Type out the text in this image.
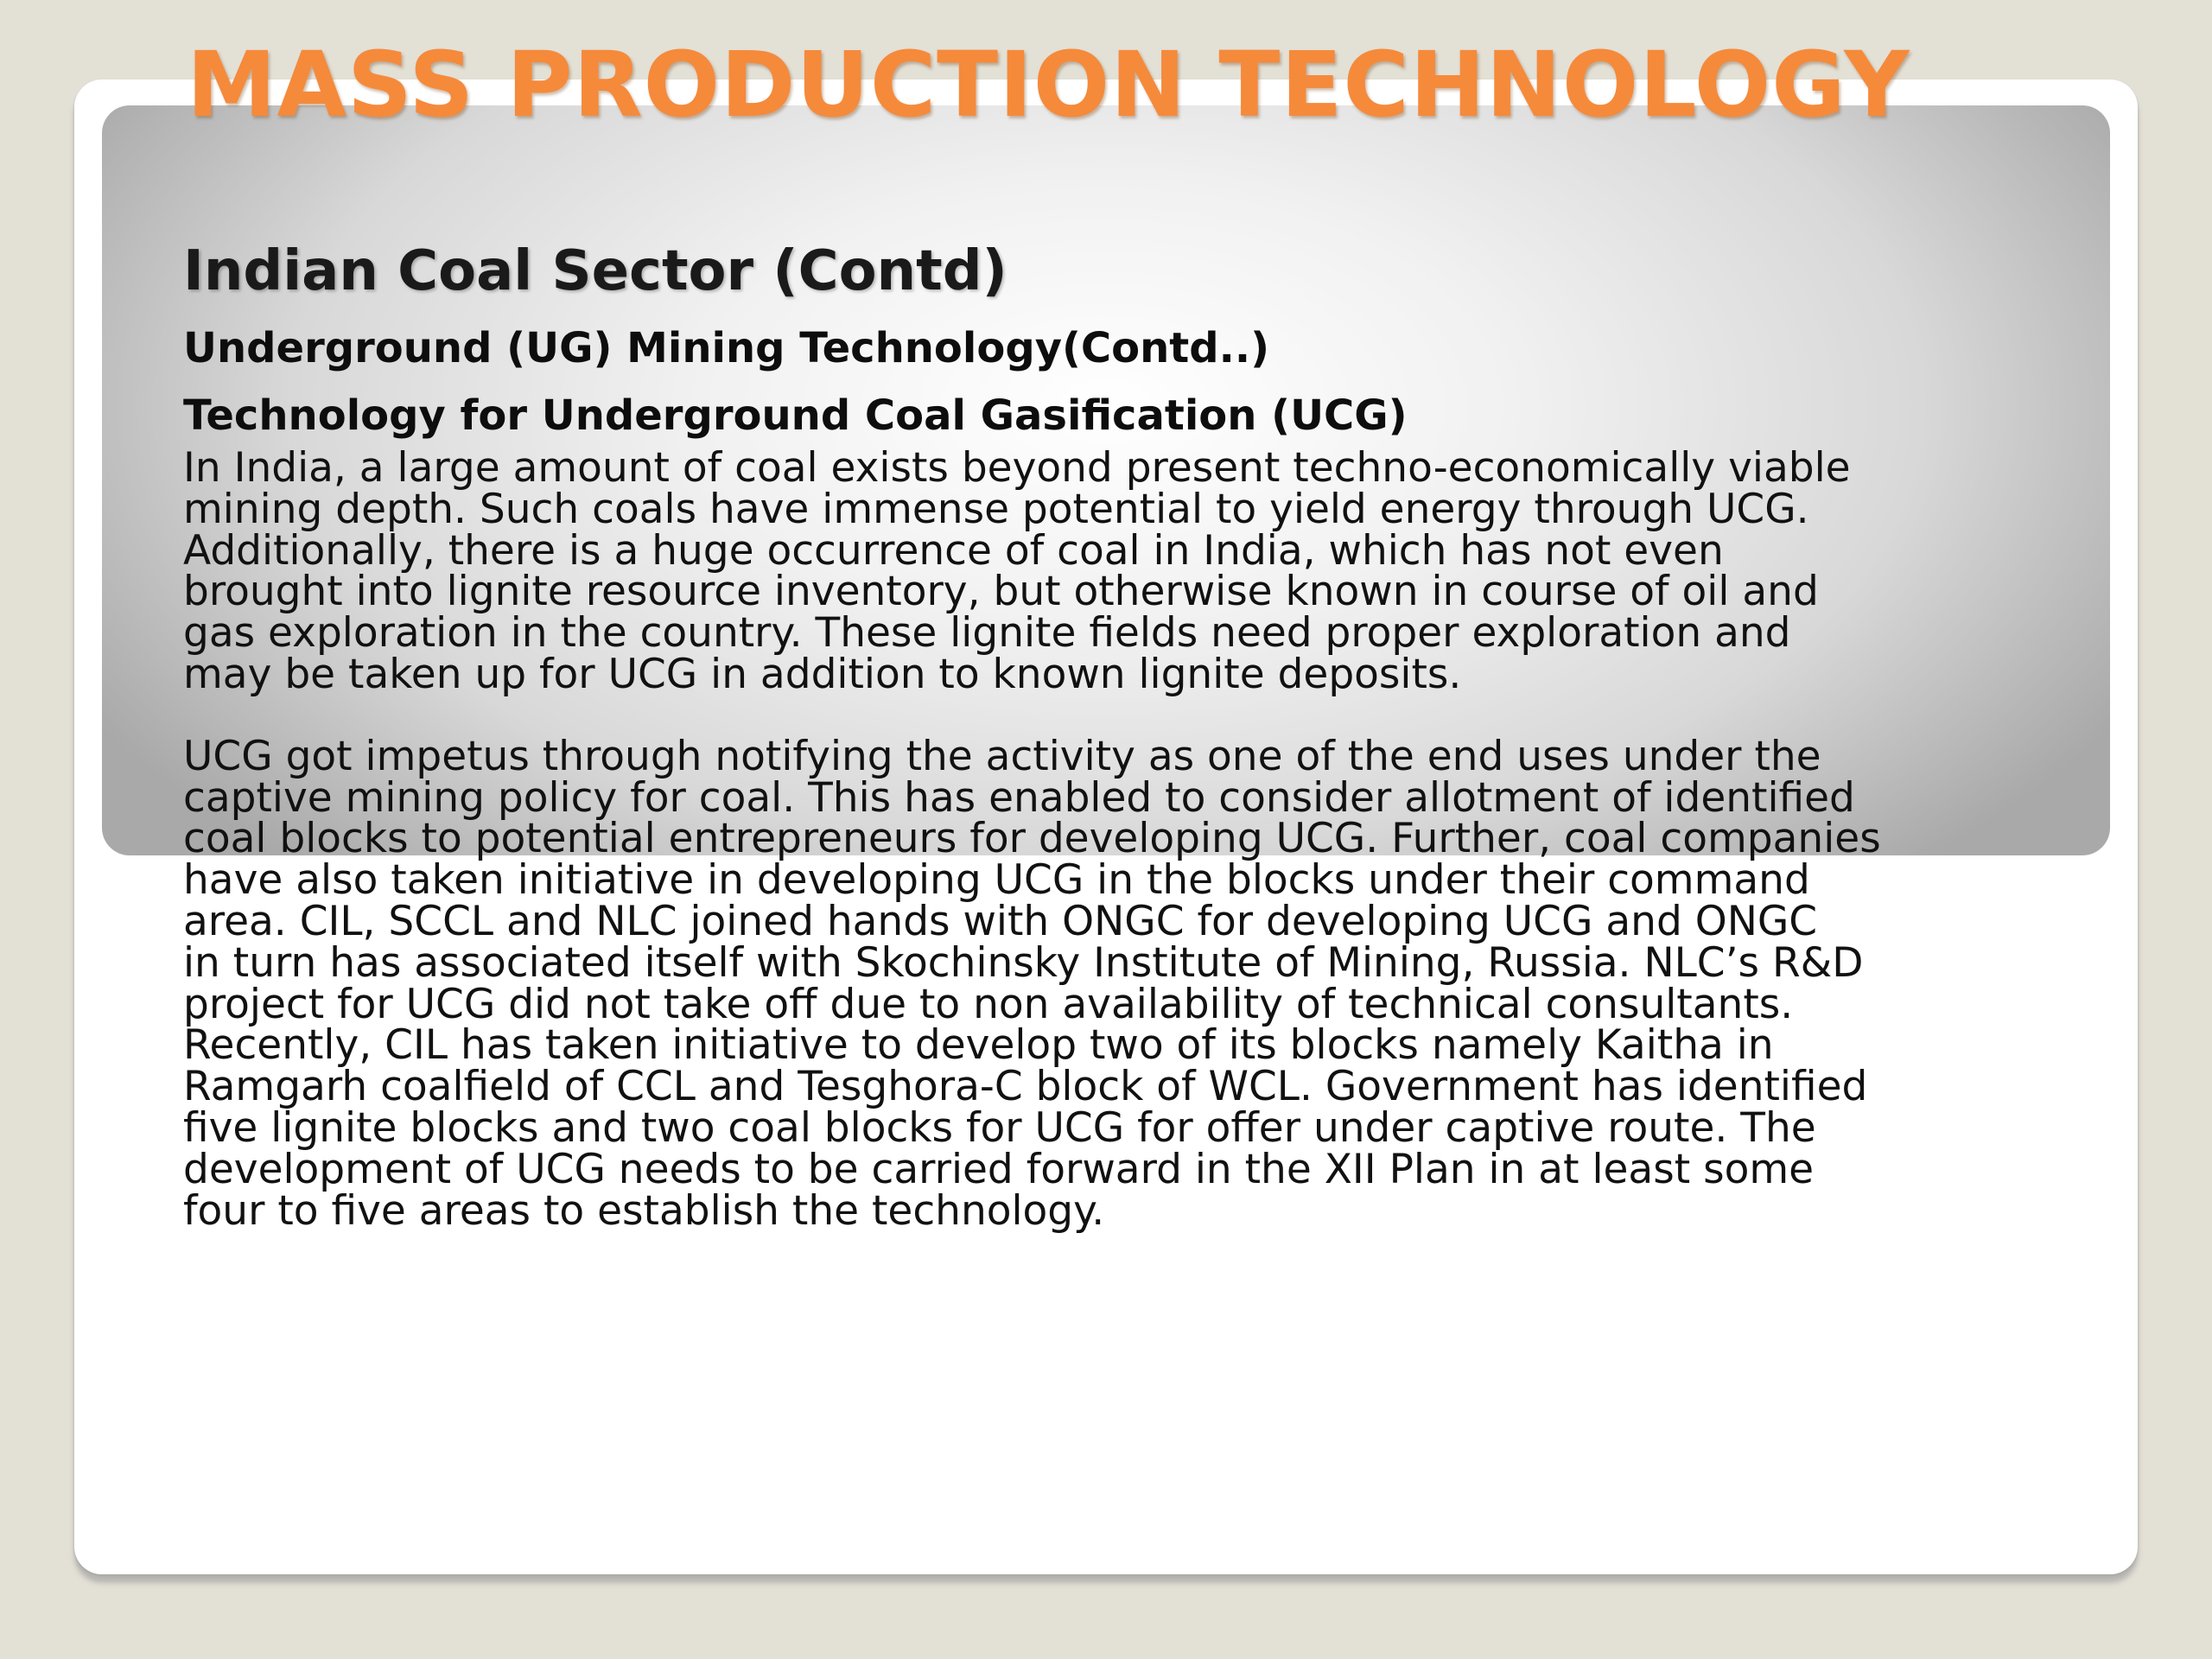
MASS PRODUCTION TECHNOLOGY
Indian Coal Sector (Contd)
Underground (UG) Mining Technology(Contd..)
Technology for Underground Coal Gasification (UCG)

In India, a large amount of coal exists beyond present techno-economically viable
mining depth. Such coals have immense potential to yield energy through UCG.
Additionally, there is a huge occurrence of coal in India, which has not even
brought into lignite resource inventory, but otherwise known in course of oil and
gas exploration in the country. These lignite fields need proper exploration and
may be taken up for UCG in addition to known lignite deposits.

UCG got impetus through notifying the activity as one of the end uses under the
captive mining policy for coal. This has enabled to consider allotment of identified
coal blocks to potential entrepreneurs for developing UCG. Further, coal companies
have also taken initiative in developing UCG in the blocks under their command
area. CIL, SCCL and NLC joined hands with ONGC for developing UCG and ONGC
in turn has associated itself with Skochinsky Institute of Mining, Russia. NLC’s R&D
project for UCG did not take off due to non availability of technical consultants.
Recently, CIL has taken initiative to develop two of its blocks namely Kaitha in
Ramgarh coalfield of CCL and Tesghora-C block of WCL. Government has identified
five lignite blocks and two coal blocks for UCG for offer under captive route. The
development of UCG needs to be carried forward in the XII Plan in at least some
four to five areas to establish the technology.
